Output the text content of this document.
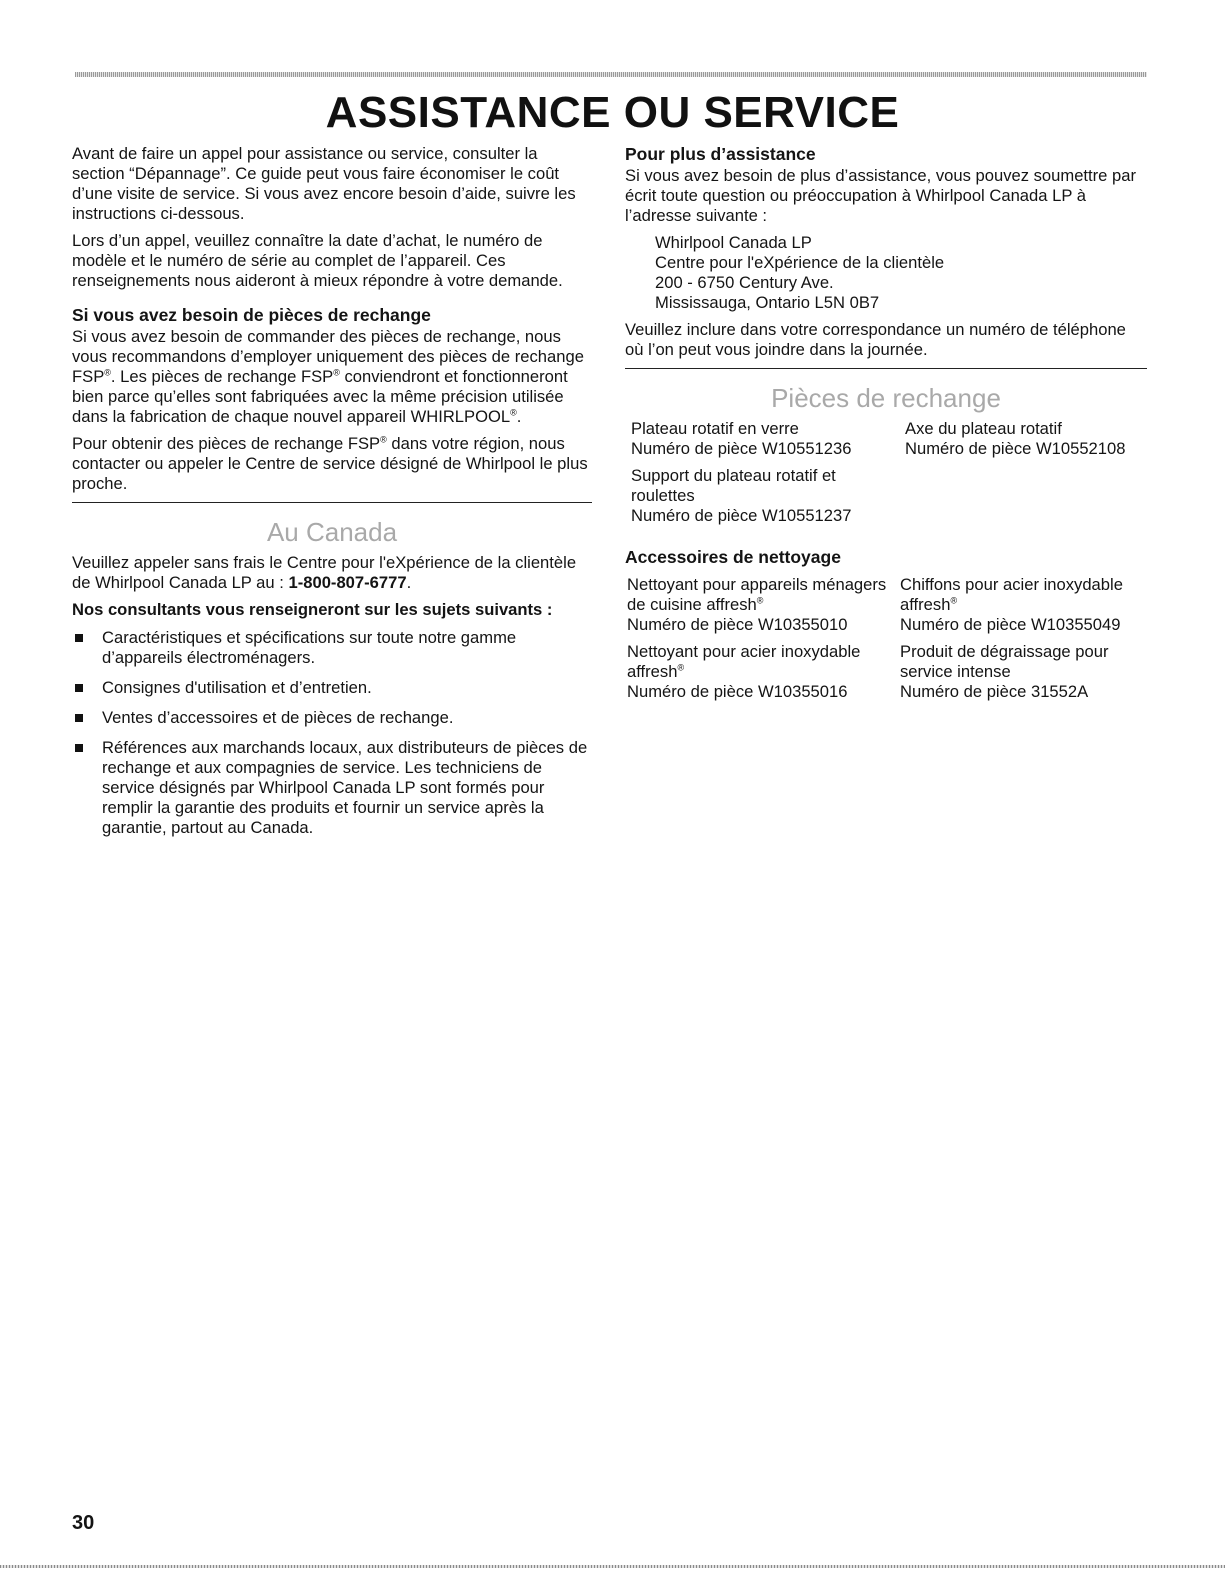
ASSISTANCE OU SERVICE

Avant de faire un appel pour assistance ou service, consulter la section “Dépannage”. Ce guide peut vous faire économiser le coût d’une visite de service. Si vous avez encore besoin d’aide, suivre les instructions ci-dessous.

Lors d’un appel, veuillez connaître la date d’achat, le numéro de modèle et le numéro de série au complet de l’appareil. Ces renseignements nous aideront à mieux répondre à votre demande.

Si vous avez besoin de pièces de rechange

Si vous avez besoin de commander des pièces de rechange, nous vous recommandons d’employer uniquement des pièces de rechange FSP®. Les pièces de rechange FSP® conviendront et fonctionneront bien parce qu’elles sont fabriquées avec la même précision utilisée dans la fabrication de chaque nouvel appareil WHIRLPOOL®.

Pour obtenir des pièces de rechange FSP® dans votre région, nous contacter ou appeler le Centre de service désigné de Whirlpool le plus proche.

Au Canada

Veuillez appeler sans frais le Centre pour l'eXpérience de la clientèle de Whirlpool Canada LP au : 1-800-807-6777.

Nos consultants vous renseigneront sur les sujets suivants :
Caractéristiques et spécifications sur toute notre gamme d’appareils électroménagers.
Consignes d'utilisation et d’entretien.
Ventes d’accessoires et de pièces de rechange.
Références aux marchands locaux, aux distributeurs de pièces de rechange et aux compagnies de service. Les techniciens de service désignés par Whirlpool Canada LP sont formés pour remplir la garantie des produits et fournir un service après la garantie, partout au Canada.
Pour plus d’assistance

Si vous avez besoin de plus d’assistance, vous pouvez soumettre par écrit toute question ou préoccupation à Whirlpool Canada LP à l’adresse suivante :

Whirlpool Canada LP
Centre pour l'eXpérience de la clientèle
200 - 6750 Century Ave.
Mississauga, Ontario L5N 0B7

Veuillez inclure dans votre correspondance un numéro de téléphone où l’on peut vous joindre dans la journée.

Pièces de rechange
Plateau rotatif en verre
Numéro de pièce W10551236
Axe du plateau rotatif
Numéro de pièce W10552108
Support du plateau rotatif et roulettes
Numéro de pièce W10551237
Accessoires de nettoyage
Nettoyant pour appareils ménagers de cuisine affresh®
Numéro de pièce W10355010
Chiffons pour acier inoxydable affresh®
Numéro de pièce W10355049
Nettoyant pour acier inoxydable affresh®
Numéro de pièce W10355016
Produit de dégraissage pour service intense
Numéro de pièce 31552A
30
